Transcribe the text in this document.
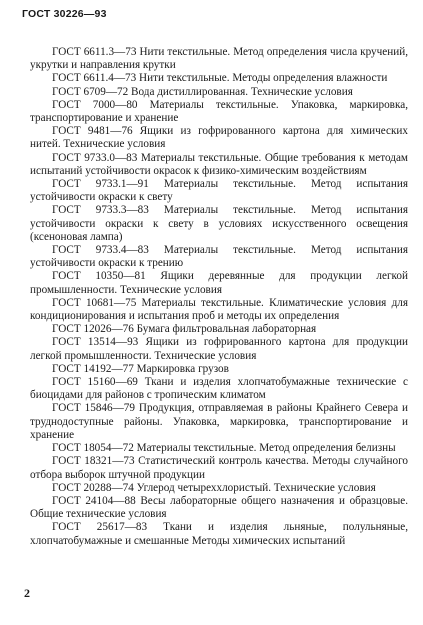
ГОСТ 30226—93

ГОСТ 6611.3—73 Нити текстильные. Метод определения числа кручений, укрутки и направления крутки

ГОСТ 6611.4—73 Нити текстильные. Методы определения влажности

ГОСТ 6709—72 Вода дистиллированная. Технические условия

ГОСТ 7000—80 Материалы текстильные. Упаковка, маркировка, транспортирование и хранение

ГОСТ 9481—76 Ящики из гофрированного картона для химических нитей. Технические условия

ГОСТ 9733.0—83 Материалы текстильные. Общие требования к методам испытаний устойчивости окрасок к физико-химическим воздействиям

ГОСТ 9733.1—91 Материалы текстильные. Метод испытания устойчивости окраски к свету

ГОСТ 9733.3—83 Материалы текстильные. Метод испытания устойчивости окраски к свету в условиях искусственного освещения (ксеноновая лампа)

ГОСТ 9733.4—83 Материалы текстильные. Метод испытания устойчивости окраски к трению

ГОСТ 10350—81 Ящики деревянные для продукции легкой промышленности. Технические условия

ГОСТ 10681—75 Материалы текстильные. Климатические условия для кондиционирования и испытания проб и методы их определения

ГОСТ 12026—76 Бумага фильтровальная лабораторная

ГОСТ 13514—93 Ящики из гофрированного картона для продукции легкой промышленности. Технические условия

ГОСТ 14192—77 Маркировка грузов

ГОСТ 15160—69 Ткани и изделия хлопчатобумажные технические с биоцидами для районов с тропическим климатом

ГОСТ 15846—79 Продукция, отправляемая в районы Крайнего Севера и труднодоступные районы. Упаковка, маркировка, транспортирование и хранение

ГОСТ 18054—72 Материалы текстильные. Метод определения белизны

ГОСТ 18321—73 Статистический контроль качества. Методы случайного отбора выборок штучной продукции

ГОСТ 20288—74 Углерод четыреххлористый. Технические условия

ГОСТ 24104—88 Весы лабораторные общего назначения и образцовые. Общие технические условия

ГОСТ 25617—83 Ткани и изделия льняные, полульняные, хлопчатобумажные и смешанные Методы химических испытаний

2
